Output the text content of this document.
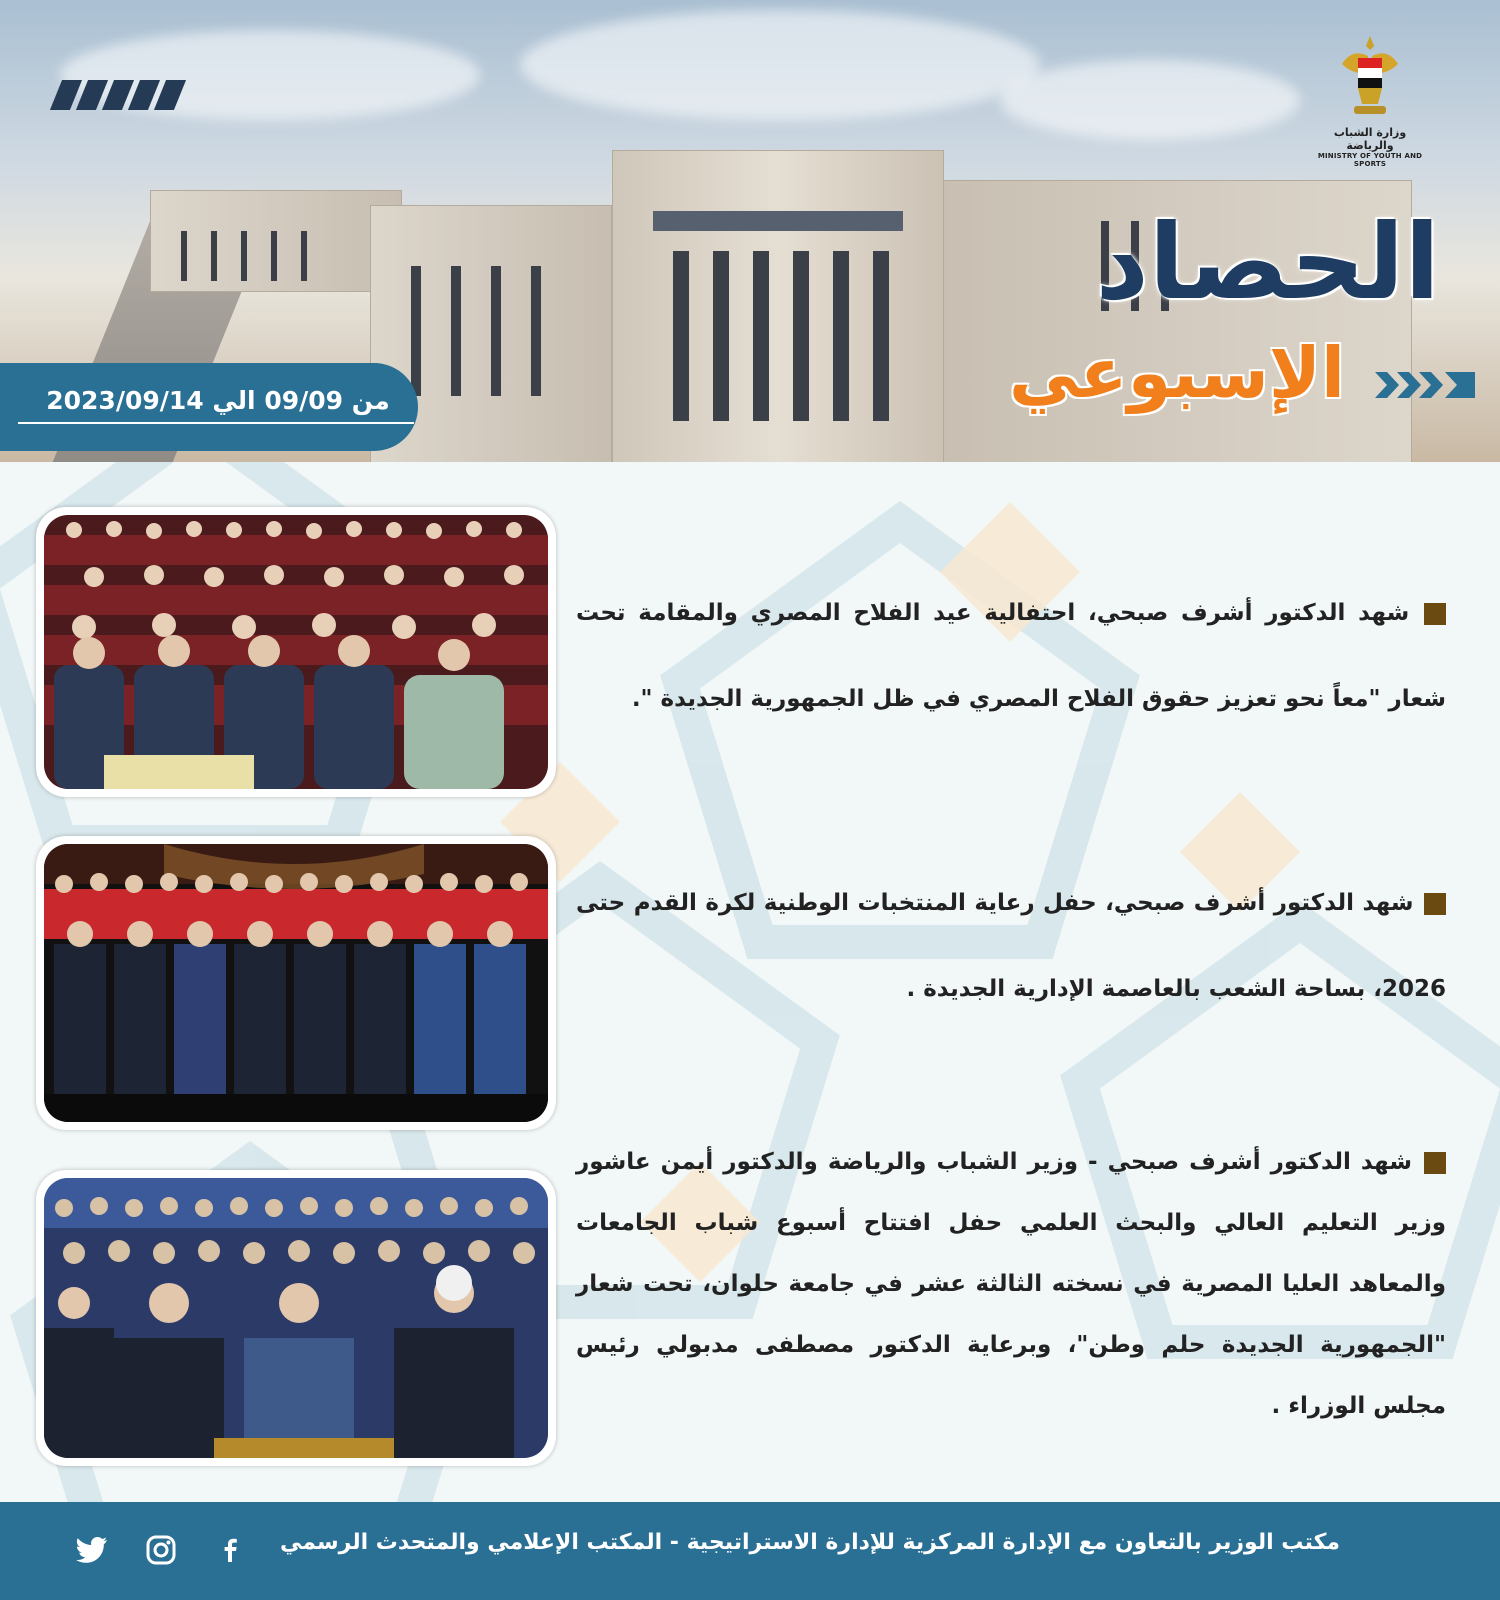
وزارة الشباب والرياضة
MINISTRY OF YOUTH AND SPORTS
الحصاد
الإسبوعي
من 09/09 الي 2023/09/14
شهد الدكتور أشرف صبحي، احتفالية عيد الفلاح المصري والمقامة تحت شعار "معاً نحو تعزيز حقوق الفلاح المصري في ظل الجمهورية الجديدة ".
شهد الدكتور أشرف صبحي، حفل رعاية المنتخبات الوطنية لكرة القدم حتى 2026، بساحة الشعب بالعاصمة الإدارية الجديدة .
شهد الدكتور أشرف صبحي - وزير الشباب والرياضة والدكتور أيمن عاشور وزير التعليم العالي والبحث العلمي حفل افتتاح أسبوع شباب الجامعات والمعاهد العليا المصرية في نسخته الثالثة عشر في جامعة حلوان، تحت شعار "الجمهورية الجديدة حلم وطن"، وبرعاية الدكتور مصطفى مدبولي رئيس مجلس الوزراء .
مكتب الوزير بالتعاون مع الإدارة المركزية للإدارة الاستراتيجية - المكتب الإعلامي والمتحدث الرسمي
